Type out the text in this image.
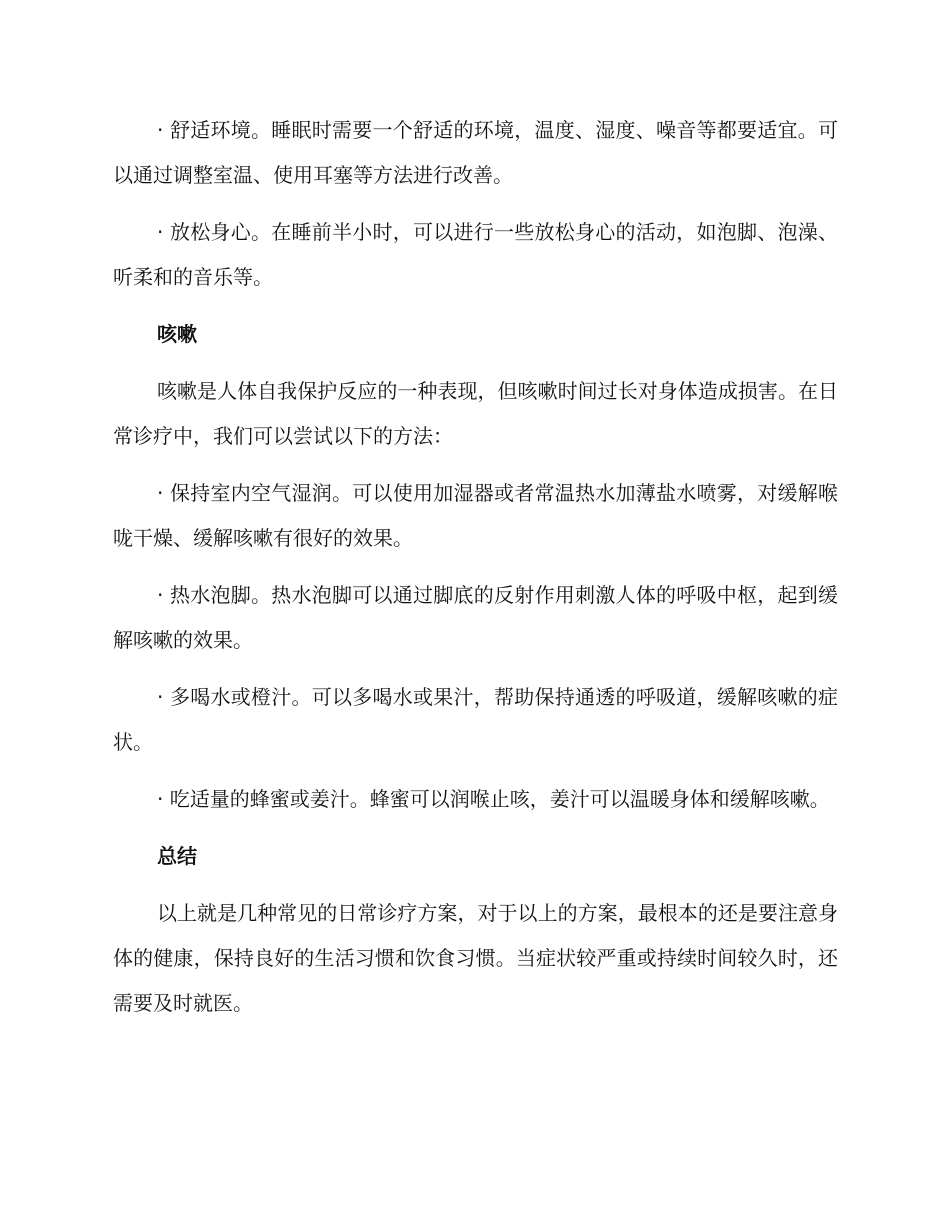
· 舒适环境。睡眠时需要一个舒适的环境，温度、湿度、噪音等都要适宜。可以通过调整室温、使用耳塞等方法进行改善。

· 放松身心。在睡前半小时，可以进行一些放松身心的活动，如泡脚、泡澡、听柔和的音乐等。

咳嗽

咳嗽是人体自我保护反应的一种表现，但咳嗽时间过长对身体造成损害。在日常诊疗中，我们可以尝试以下的方法：

· 保持室内空气湿润。可以使用加湿器或者常温热水加薄盐水喷雾，对缓解喉咙干燥、缓解咳嗽有很好的效果。

· 热水泡脚。热水泡脚可以通过脚底的反射作用刺激人体的呼吸中枢，起到缓解咳嗽的效果。

· 多喝水或橙汁。可以多喝水或果汁，帮助保持通透的呼吸道，缓解咳嗽的症状。

· 吃适量的蜂蜜或姜汁。蜂蜜可以润喉止咳，姜汁可以温暖身体和缓解咳嗽。

总结

以上就是几种常见的日常诊疗方案，对于以上的方案，最根本的还是要注意身体的健康，保持良好的生活习惯和饮食习惯。当症状较严重或持续时间较久时，还需要及时就医。
